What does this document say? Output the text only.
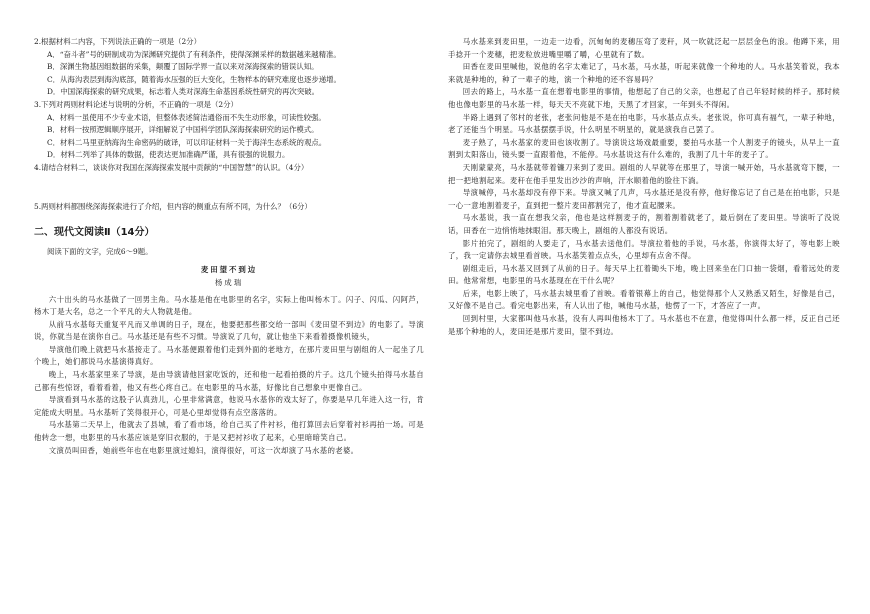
2.根据材料二内容，下列说法正确的一项是（2分）

A．“奋斗者”号的研制成功为深渊研究提供了有利条件，使得深渊采样的数据越来越精准。

B．深渊生物基因组数据的采集，颠覆了国际学界一直以来对深海探索的错误认知。

C．从海沟表层到海沟底部，随着海水压强的巨大变化，生物样本的研究难度也逐步递增。

D．中国深海探索的研究成果，标志着人类对深海生命基因系统性研究的再次突破。

3.下列对两则材料论述与说明的分析，不正确的一项是（2分）

A．材料一虽使用不少专业术语，但整体表述简洁通俗而不失生动形象，可读性较强。

B．材料一按照逻辑顺序展开，详细解说了中国科学团队深海探索研究的运作模式。

C．材料二马里亚纳海沟生命密码的破译，可以印证材料一关于海洋生态系统的观点。

D．材料二列举了具体的数据，使表达更加准确严谨，具有很强的说服力。

4.请结合材料二，谈谈你对我国在深海探索发展中贡献的“中国智慧”的认识。（4分）

5.两则材料都围绕深海探索进行了介绍，但内容的侧重点有所不同，为什么？（6分）

二、现代文阅读Ⅱ（14分）

阅读下面的文字，完成6～9题。

麦田望不到边

杨成瑞

六十出头的马水基做了一回男主角。马水基是他在电影里的名字，实际上他叫杨木丁。闪子、闪瓜、闪阿芦，杨木丁是大名，总之一个平凡的大人物就是他。

从前马水基每天重复平凡而又单调的日子，现在，他要把那些都交给一部叫《麦田望不到边》的电影了。导演说，你就当是在演你自己。马水基还是有些不习惯。导演说了几句，就让他坐下来看着摄像机镜头，

导演他们晚上就把马水基接走了。马水基便跟着他们走到外面的老地方，在那片麦田里与剧组的人一起坐了几个晚上，她们都说马水基演得真好。

晚上，马水基家里来了导演，是由导演请他回家吃饭的，还和他一起看拍摄的片子。这几个镜头拍得马水基自己都有些惊讶，看着看着，他又有些心疼自己。在电影里的马水基，好像比自己想象中更像自己。

导演看到马水基的这股子认真劲儿，心里非常满意，他说马水基你的戏太好了，你要是早几年进入这一行，肯定能成大明星。马水基听了笑得很开心，可是心里却觉得有点空落落的。

马水基第二天早上，他就去了县城，看了看市场，给自己买了件衬衫，他打算回去后穿着衬衫再拍一场。可是他转念一想，电影里的马水基应该是穿旧衣服的，于是又把衬衫收了起来，心里暗暗笑自己。

文演员叫田香，她前些年也在电影里演过媳妇，演得很好，可这一次却演了马水基的老婆。

马水基来到麦田里，一边走一边看，沉甸甸的麦穗压弯了麦秆，风一吹就泛起一层层金色的浪。他蹲下来，用手捻开一个麦穗，把麦粒放进嘴里嚼了嚼，心里就有了数。

田香在麦田里喊他，说他的名字太难记了，马水基，马水基，听起来就像一个种地的人。马水基笑着说，我本来就是种地的，种了一辈子的地，演一个种地的还不容易吗？

回去的路上，马水基一直在想着电影里的事情，他想起了自己的父亲，也想起了自己年轻时候的样子。那时候他也像电影里的马水基一样，每天天不亮就下地，天黑了才回家，一年到头不得闲。

半路上遇到了邻村的老张，老张问他是不是在拍电影，马水基点点头。老张说，你可真有福气，一辈子种地，老了还能当个明星。马水基摆摆手说，什么明星不明星的，就是演我自己罢了。

麦子熟了，马水基家的麦田也该收割了。导演说这场戏最重要，要拍马水基一个人割麦子的镜头，从早上一直割到太阳落山，镜头要一直跟着他，不能停。马水基说这有什么难的，我割了几十年的麦子了。

天刚蒙蒙亮，马水基就带着镰刀来到了麦田。剧组的人早就等在那里了，导演一喊开始，马水基就弯下腰，一把一把地割起来。麦秆在他手里发出沙沙的声响，汗水顺着他的脸往下淌。

导演喊停，马水基却没有停下来。导演又喊了几声，马水基还是没有停，他好像忘记了自己是在拍电影，只是一心一意地割着麦子，直到把一整片麦田都割完了，他才直起腰来。

马水基说，我一直在想我父亲，他也是这样割麦子的，割着割着就老了，最后倒在了麦田里。导演听了没说话，田香在一边悄悄地抹眼泪。那天晚上，剧组的人都没有说话。

影片拍完了，剧组的人要走了，马水基去送他们。导演拉着他的手说，马水基，你演得太好了，等电影上映了，我一定请你去城里看首映。马水基笑着点点头，心里却有点舍不得。

剧组走后，马水基又回到了从前的日子。每天早上扛着锄头下地，晚上回来坐在门口抽一袋烟，看着远处的麦田。他常常想，电影里的马水基现在在干什么呢？

后来，电影上映了，马水基去城里看了首映。看着银幕上的自己，他觉得那个人又熟悉又陌生，好像是自己，又好像不是自己。看完电影出来，有人认出了他，喊他马水基，他愣了一下，才答应了一声。

回到村里，大家都叫他马水基，没有人再叫他杨木丁了。马水基也不在意，他觉得叫什么都一样，反正自己还是那个种地的人，麦田还是那片麦田，望不到边。
